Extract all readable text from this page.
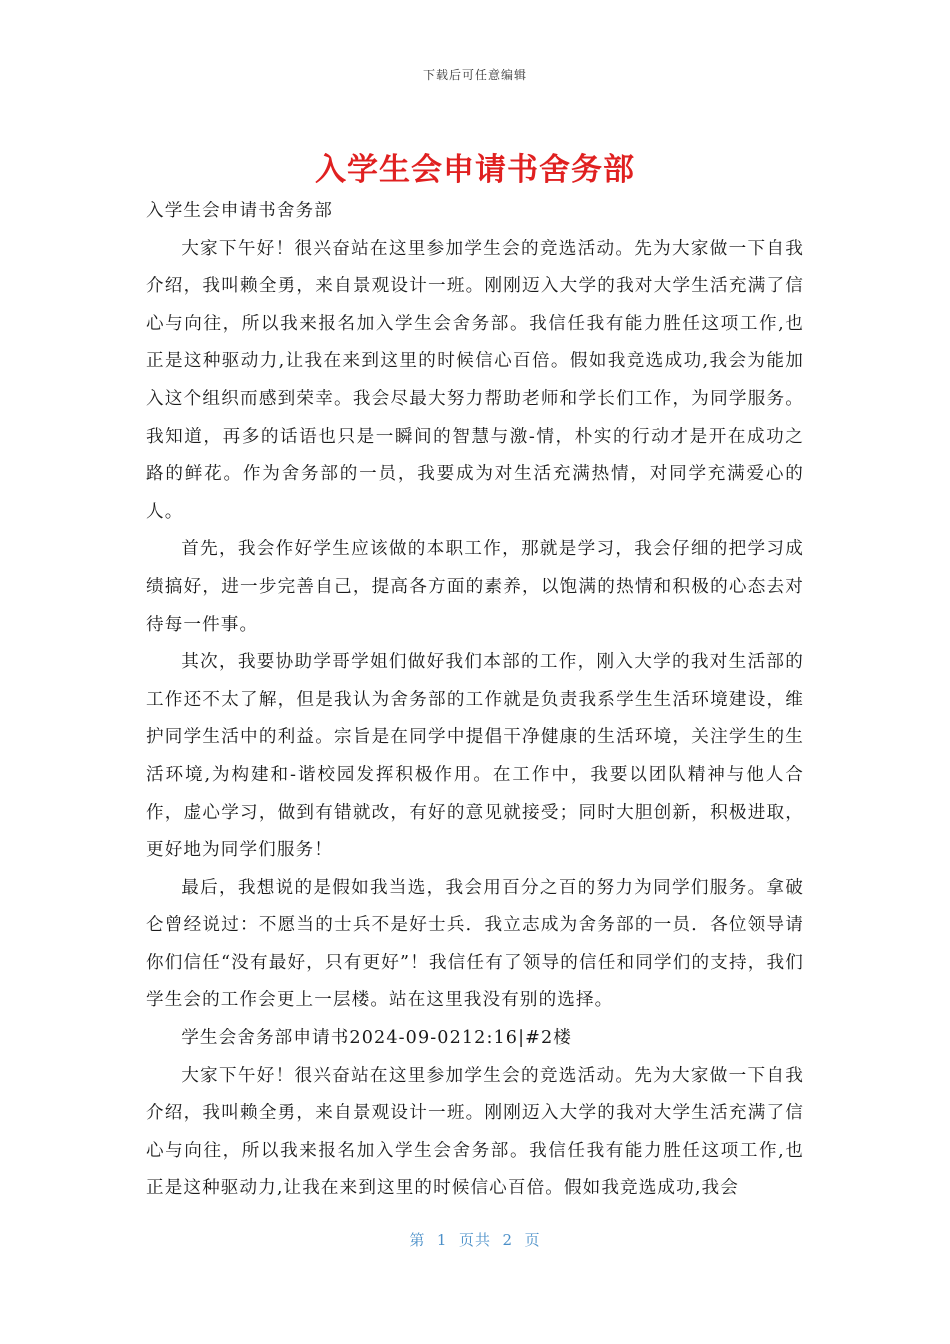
下载后可任意编辑
入学生会申请书舍务部

入学生会申请书舍务部

大家下午好！很兴奋站在这里参加学生会的竞选活动。先为大家做一下自我介绍，我叫赖全勇，来自景观设计一班。刚刚迈入大学的我对大学生活充满了信心与向往，所以我来报名加入学生会舍务部。我信任我有能力胜任这项工作,也正是这种驱动力,让我在来到这里的时候信心百倍。假如我竞选成功,我会为能加入这个组织而感到荣幸。我会尽最大努力帮助老师和学长们工作，为同学服务。我知道，再多的话语也只是一瞬间的智慧与激-情，朴实的行动才是开在成功之路的鲜花。作为舍务部的一员，我要成为对生活充满热情，对同学充满爱心的人。

首先，我会作好学生应该做的本职工作，那就是学习，我会仔细的把学习成绩搞好，进一步完善自己，提高各方面的素养，以饱满的热情和积极的心态去对待每一件事。

其次，我要协助学哥学姐们做好我们本部的工作，刚入大学的我对生活部的工作还不太了解，但是我认为舍务部的工作就是负责我系学生生活环境建设，维护同学生活中的利益。宗旨是在同学中提倡干净健康的生活环境，关注学生的生活环境,为构建和-谐校园发挥积极作用。在工作中，我要以团队精神与他人合作，虚心学习，做到有错就改，有好的意见就接受；同时大胆创新，积极进取，更好地为同学们服务！

最后，我想说的是假如我当选，我会用百分之百的努力为同学们服务。拿破仑曾经说过：不愿当的士兵不是好士兵．我立志成为舍务部的一员．各位领导请你们信任“没有最好，只有更好”！我信任有了领导的信任和同学们的支持，我们学生会的工作会更上一层楼。站在这里我没有别的选择。

学生会舍务部申请书2024-09-0212:16|#2楼

大家下午好！很兴奋站在这里参加学生会的竞选活动。先为大家做一下自我介绍，我叫赖全勇，来自景观设计一班。刚刚迈入大学的我对大学生活充满了信心与向往，所以我来报名加入学生会舍务部。我信任我有能力胜任这项工作,也正是这种驱动力,让我在来到这里的时候信心百倍。假如我竞选成功,我会

第  1  页共  2  页
